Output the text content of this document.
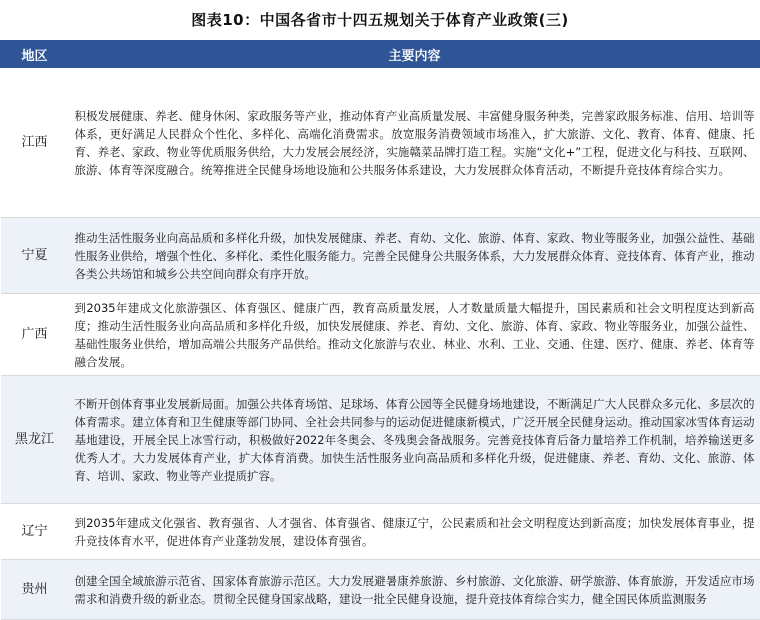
图表10：中国各省市十四五规划关于体育产业政策(三)
地区	主要内容
江西	积极发展健康、养老、健身休闲、家政服务等产业，推动体育产业高质量发展、丰富健身服务种类，完善家政服务标准、信用、培训等体系，更好满足人民群众个性化、多样化、高端化消费需求。放宽服务消费领域市场准入，扩大旅游、文化、教育、体育、健康、托育、养老、家政、物业等优质服务供给，大力发展会展经济，实施赣菜品牌打造工程。实施“文化+”工程，促进文化与科技、互联网、旅游、体育等深度融合。统筹推进全民健身场地设施和公共服务体系建设，大力发展群众体育活动，不断提升竞技体育综合实力。
宁夏	推动生活性服务业向高品质和多样化升级，加快发展健康、养老、育幼、文化、旅游、体育、家政、物业等服务业，加强公益性、基础性服务业供给，增强个性化、多样化、柔性化服务能力。完善全民健身公共服务体系，大力发展群众体育、竞技体育、体育产业，推动各类公共场馆和城乡公共空间向群众有序开放。
广西	到2035年建成文化旅游强区、体育强区、健康广西，教育高质量发展，人才数量质量大幅提升，国民素质和社会文明程度达到新高度；推动生活性服务业向高品质和多样化升级，加快发展健康、养老、育幼、文化、旅游、体育、家政、物业等服务业，加强公益性、基础性服务业供给，增加高端公共服务产品供给。推动文化旅游与农业、林业、水利、工业、交通、住建、医疗、健康、养老、体育等融合发展。
黑龙江	不断开创体育事业发展新局面。加强公共体育场馆、足球场、体育公园等全民健身场地建设，不断满足广大人民群众多元化、多层次的体育需求。建立体育和卫生健康等部门协同、全社会共同参与的运动促进健康新模式，广泛开展全民健身运动。推动国家冰雪体育运动基地建设，开展全民上冰雪行动，积极做好2022年冬奥会、冬残奥会备战服务。完善竞技体育后备力量培养工作机制，培养输送更多优秀人才。大力发展体育产业，扩大体育消费。加快生活性服务业向高品质和多样化升级，促进健康、养老、育幼、文化、旅游、体育、培训、家政、物业等产业提质扩容。
辽宁	到2035年建成文化强省、教育强省、人才强省、体育强省、健康辽宁，公民素质和社会文明程度达到新高度；加快发展体育事业，提升竞技体育水平，促进体育产业蓬勃发展，建设体育强省。
贵州	创建全国全域旅游示范省、国家体育旅游示范区。大力发展避暑康养旅游、乡村旅游、文化旅游、研学旅游、体育旅游，开发适应市场需求和消费升级的新业态。贯彻全民健身国家战略，建设一批全民健身设施，提升竞技体育综合实力，健全国民体质监测服务
